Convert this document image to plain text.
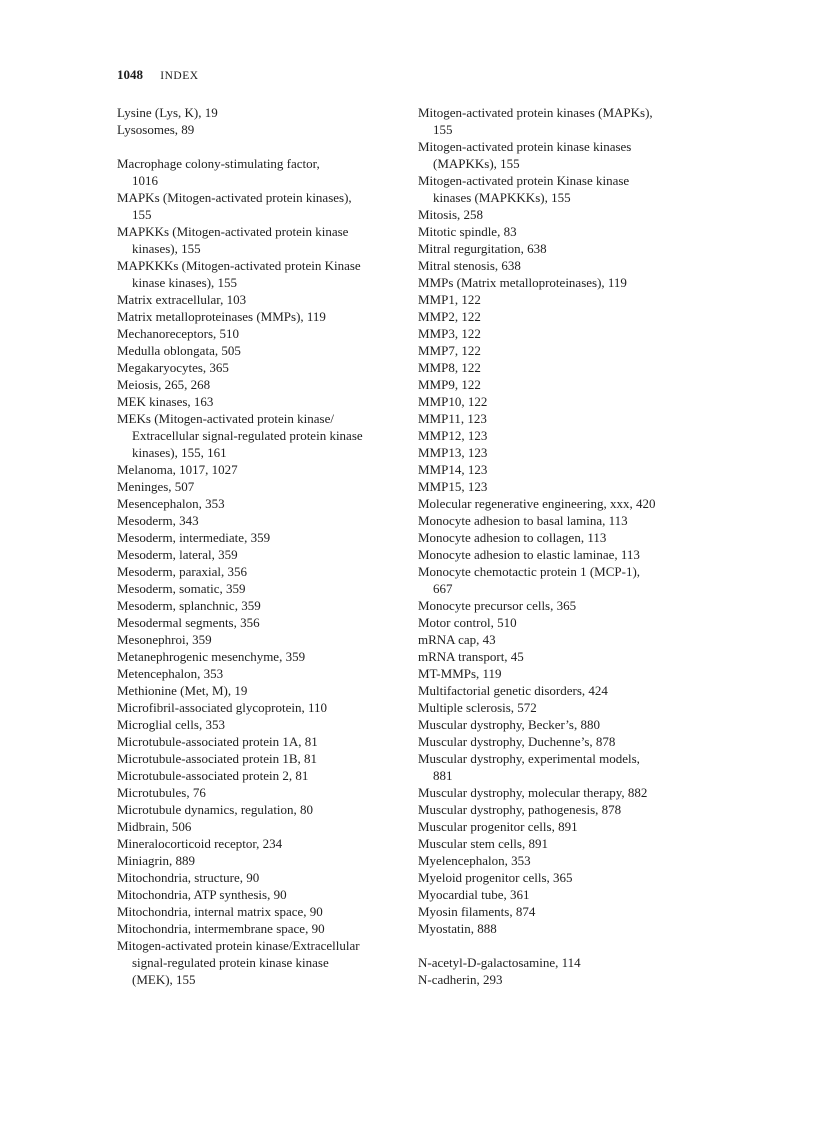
1048 INDEX
Lysine (Lys, K), 19
Lysosomes, 89
Macrophage colony-stimulating factor,
1016
MAPKs (Mitogen-activated protein kinases),
155
MAPKKs (Mitogen-activated protein kinase
kinases), 155
MAPKKKs (Mitogen-activated protein Kinase
kinase kinases), 155
Matrix extracellular, 103
Matrix metalloproteinases (MMPs), 119
Mechanoreceptors, 510
Medulla oblongata, 505
Megakaryocytes, 365
Meiosis, 265, 268
MEK kinases, 163
MEKs (Mitogen-activated protein kinase/
Extracellular signal-regulated protein kinase
kinases), 155, 161
Melanoma, 1017, 1027
Meninges, 507
Mesencephalon, 353
Mesoderm, 343
Mesoderm, intermediate, 359
Mesoderm, lateral, 359
Mesoderm, paraxial, 356
Mesoderm, somatic, 359
Mesoderm, splanchnic, 359
Mesodermal segments, 356
Mesonephroi, 359
Metanephrogenic mesenchyme, 359
Metencephalon, 353
Methionine (Met, M), 19
Microfibril-associated glycoprotein, 110
Microglial cells, 353
Microtubule-associated protein 1A, 81
Microtubule-associated protein 1B, 81
Microtubule-associated protein 2, 81
Microtubules, 76
Microtubule dynamics, regulation, 80
Midbrain, 506
Mineralocorticoid receptor, 234
Miniagrin, 889
Mitochondria, structure, 90
Mitochondria, ATP synthesis, 90
Mitochondria, internal matrix space, 90
Mitochondria, intermembrane space, 90
Mitogen-activated protein kinase/Extracellular
signal-regulated protein kinase kinase
(MEK), 155
Mitogen-activated protein kinases (MAPKs),
155
Mitogen-activated protein kinase kinases
(MAPKKs), 155
Mitogen-activated protein Kinase kinase
kinases (MAPKKKs), 155
Mitosis, 258
Mitotic spindle, 83
Mitral regurgitation, 638
Mitral stenosis, 638
MMPs (Matrix metalloproteinases), 119
MMP1, 122
MMP2, 122
MMP3, 122
MMP7, 122
MMP8, 122
MMP9, 122
MMP10, 122
MMP11, 123
MMP12, 123
MMP13, 123
MMP14, 123
MMP15, 123
Molecular regenerative engineering, xxx, 420
Monocyte adhesion to basal lamina, 113
Monocyte adhesion to collagen, 113
Monocyte adhesion to elastic laminae, 113
Monocyte chemotactic protein 1 (MCP-1),
667
Monocyte precursor cells, 365
Motor control, 510
mRNA cap, 43
mRNA transport, 45
MT-MMPs, 119
Multifactorial genetic disorders, 424
Multiple sclerosis, 572
Muscular dystrophy, Becker’s, 880
Muscular dystrophy, Duchenne’s, 878
Muscular dystrophy, experimental models,
881
Muscular dystrophy, molecular therapy, 882
Muscular dystrophy, pathogenesis, 878
Muscular progenitor cells, 891
Muscular stem cells, 891
Myelencephalon, 353
Myeloid progenitor cells, 365
Myocardial tube, 361
Myosin filaments, 874
Myostatin, 888
N-acetyl-D-galactosamine, 114
N-cadherin, 293
